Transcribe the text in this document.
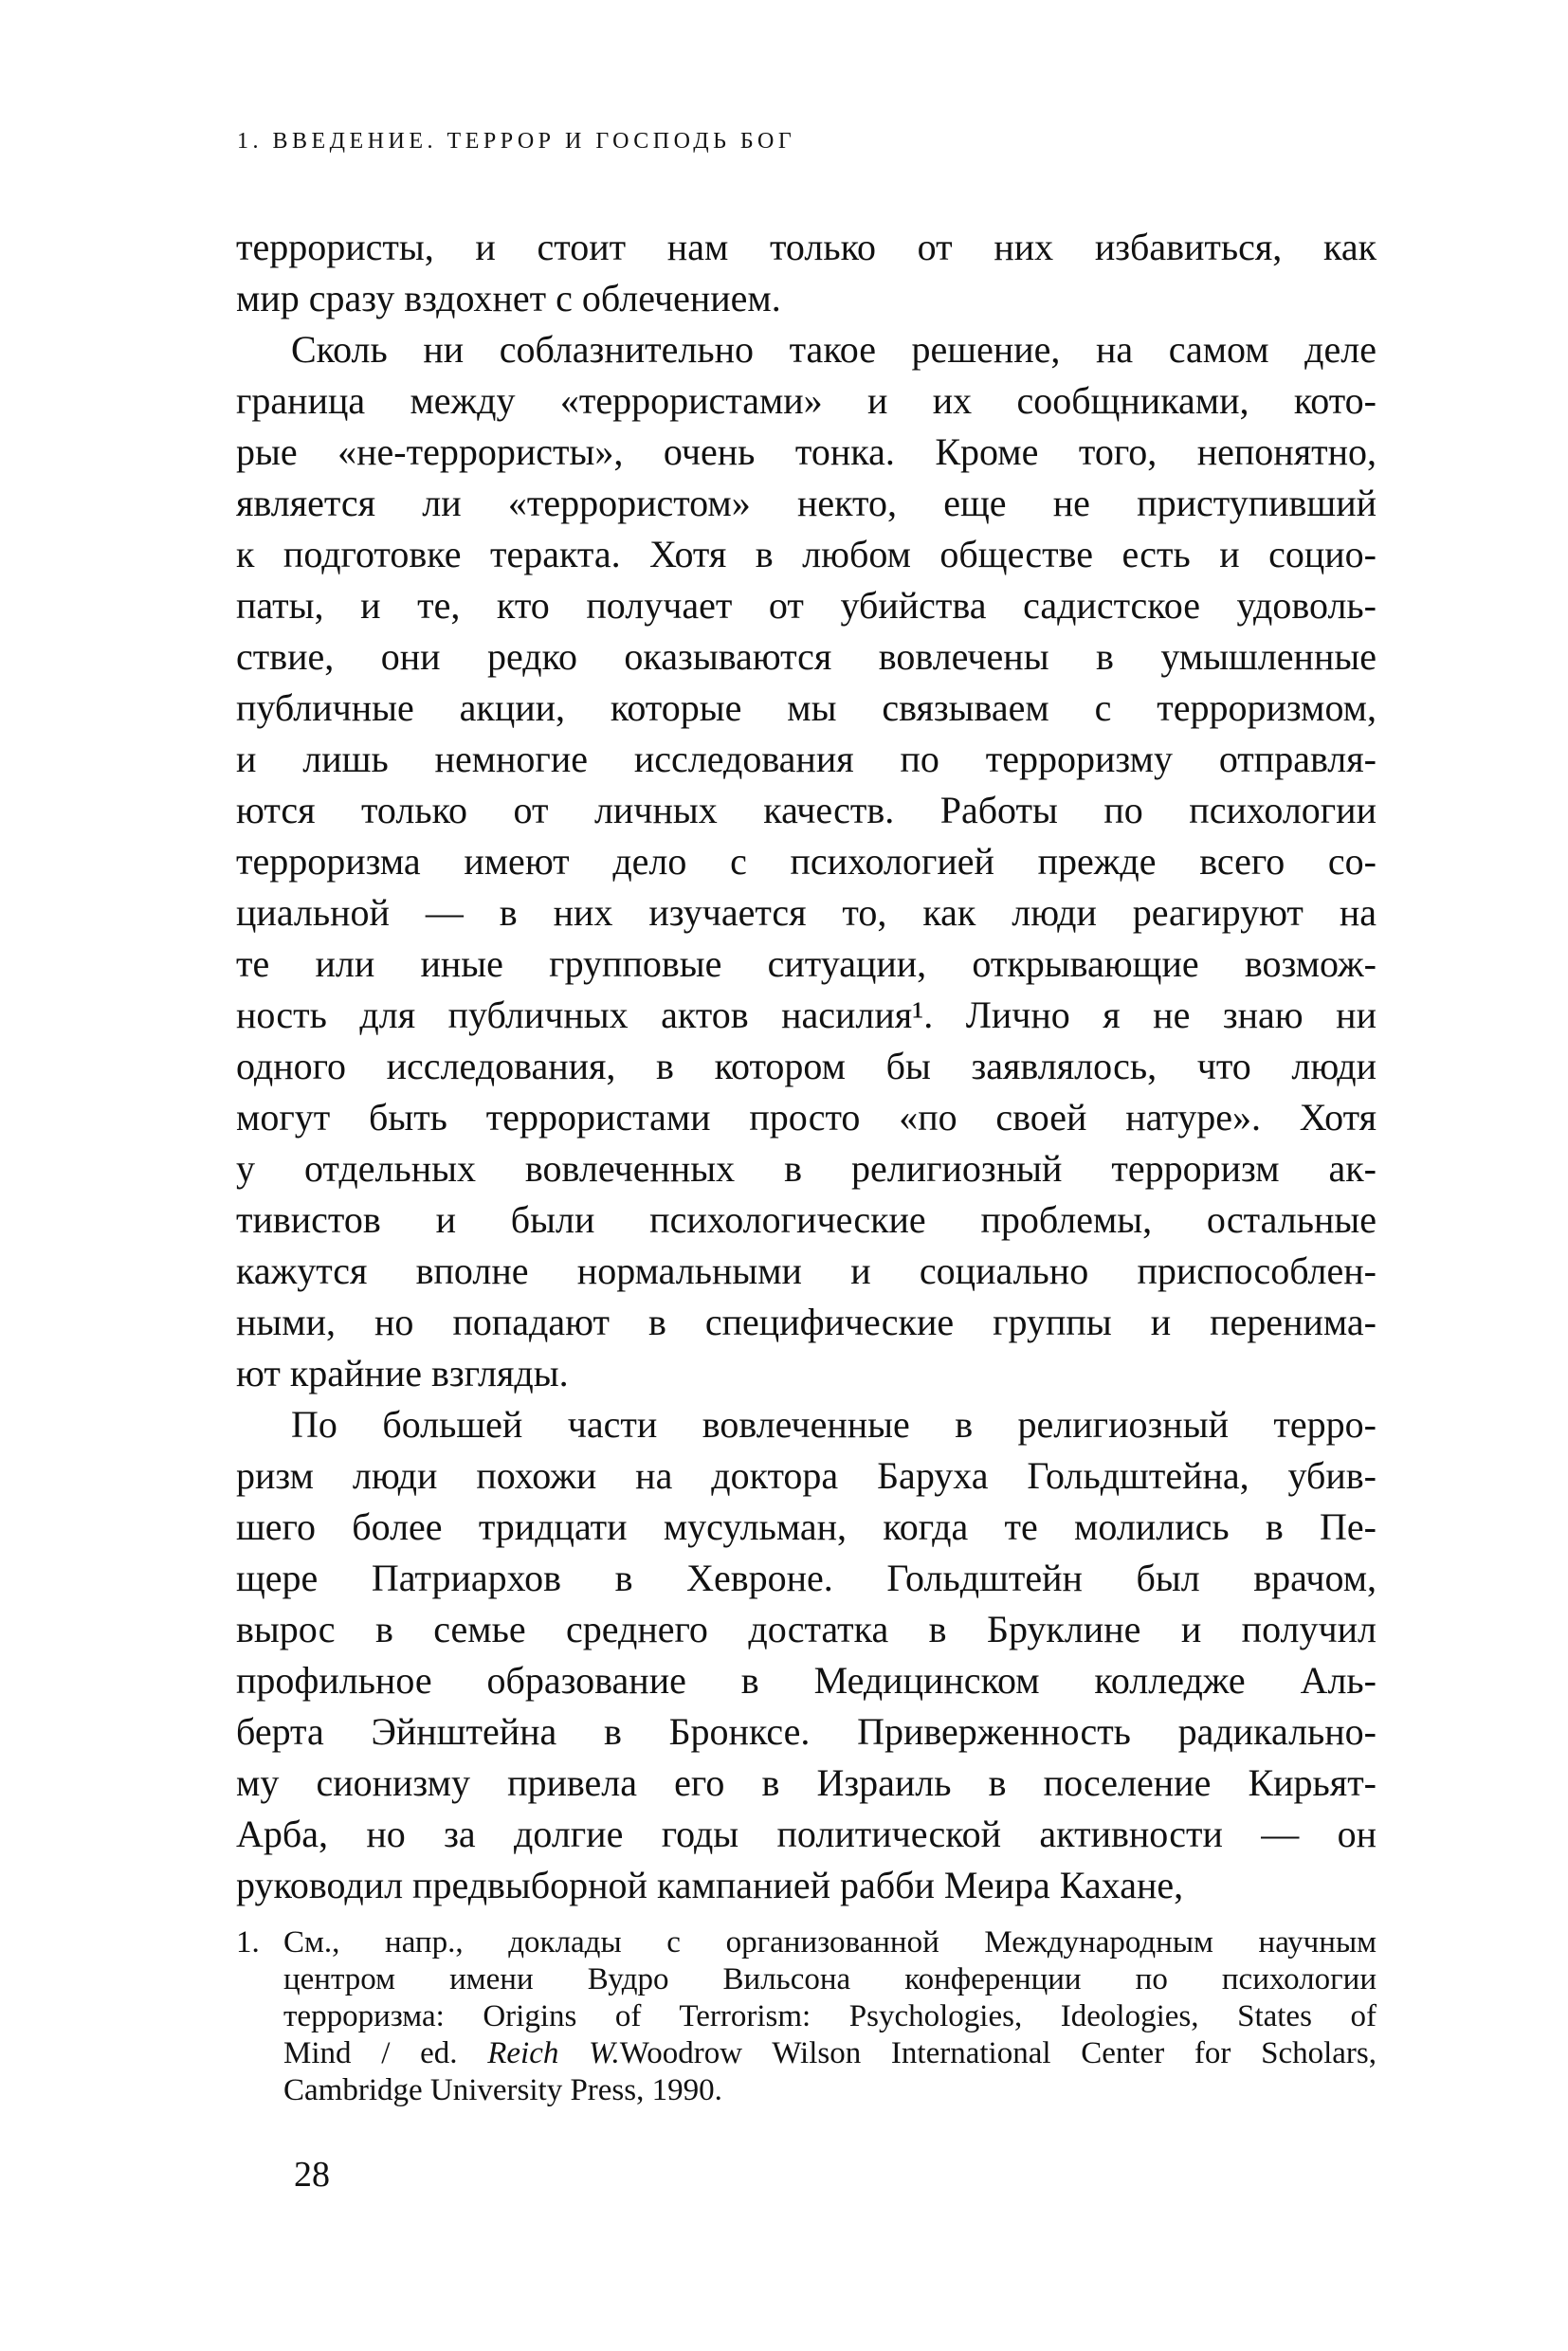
1. ВВЕДЕНИЕ. ТЕРРОР И ГОСПОДЬ БОГ
террористы, и стоит нам только от них избавиться, как
мир сразу вздохнет с облечением.
Сколь ни соблазнительно такое решение, на самом деле
граница между «террористами» и их сообщниками, кото-
рые «не-террористы», очень тонка. Кроме того, непонятно,
является ли «террористом» некто, еще не приступивший
к подготовке теракта. Хотя в любом обществе есть и социо-
паты, и те, кто получает от убийства садистское удоволь-
ствие, они редко оказываются вовлечены в умышленные
публичные акции, которые мы связываем с терроризмом,
и лишь немногие исследования по терроризму отправля-
ются только от личных качеств. Работы по психологии
терроризма имеют дело с психологией прежде всего со-
циальной — в них изучается то, как люди реагируют на
те или иные групповые ситуации, открывающие возмож-
ность для публичных актов насилия¹. Лично я не знаю ни
одного исследования, в котором бы заявлялось, что люди
могут быть террористами просто «по своей натуре». Хотя
у отдельных вовлеченных в религиозный терроризм ак-
тивистов и были психологические проблемы, остальные
кажутся вполне нормальными и социально приспособлен-
ными, но попадают в специфические группы и перенима-
ют крайние взгляды.
По большей части вовлеченные в религиозный терро-
ризм люди похожи на доктора Баруха Гольдштейна, убив-
шего более тридцати мусульман, когда те молились в Пе-
щере Патриархов в Хевроне. Гольдштейн был врачом,
вырос в семье среднего достатка в Бруклине и получил
профильное образование в Медицинском колледже Аль-
берта Эйнштейна в Бронксе. Приверженность радикально-
му сионизму привела его в Израиль в поселение Кирьят-
Арба, но за долгие годы политической активности — он
руководил предвыборной кампанией рабби Меира Кахане,
1. См., напр., доклады с организованной Международным научным
центром имени Вудро Вильсона конференции по психологии
терроризма: Origins of Terrorism: Psychologies, Ideologies, States of
Mind / ed. Reich W.Woodrow Wilson International Center for Scholars,
Cambridge University Press, 1990.
28
